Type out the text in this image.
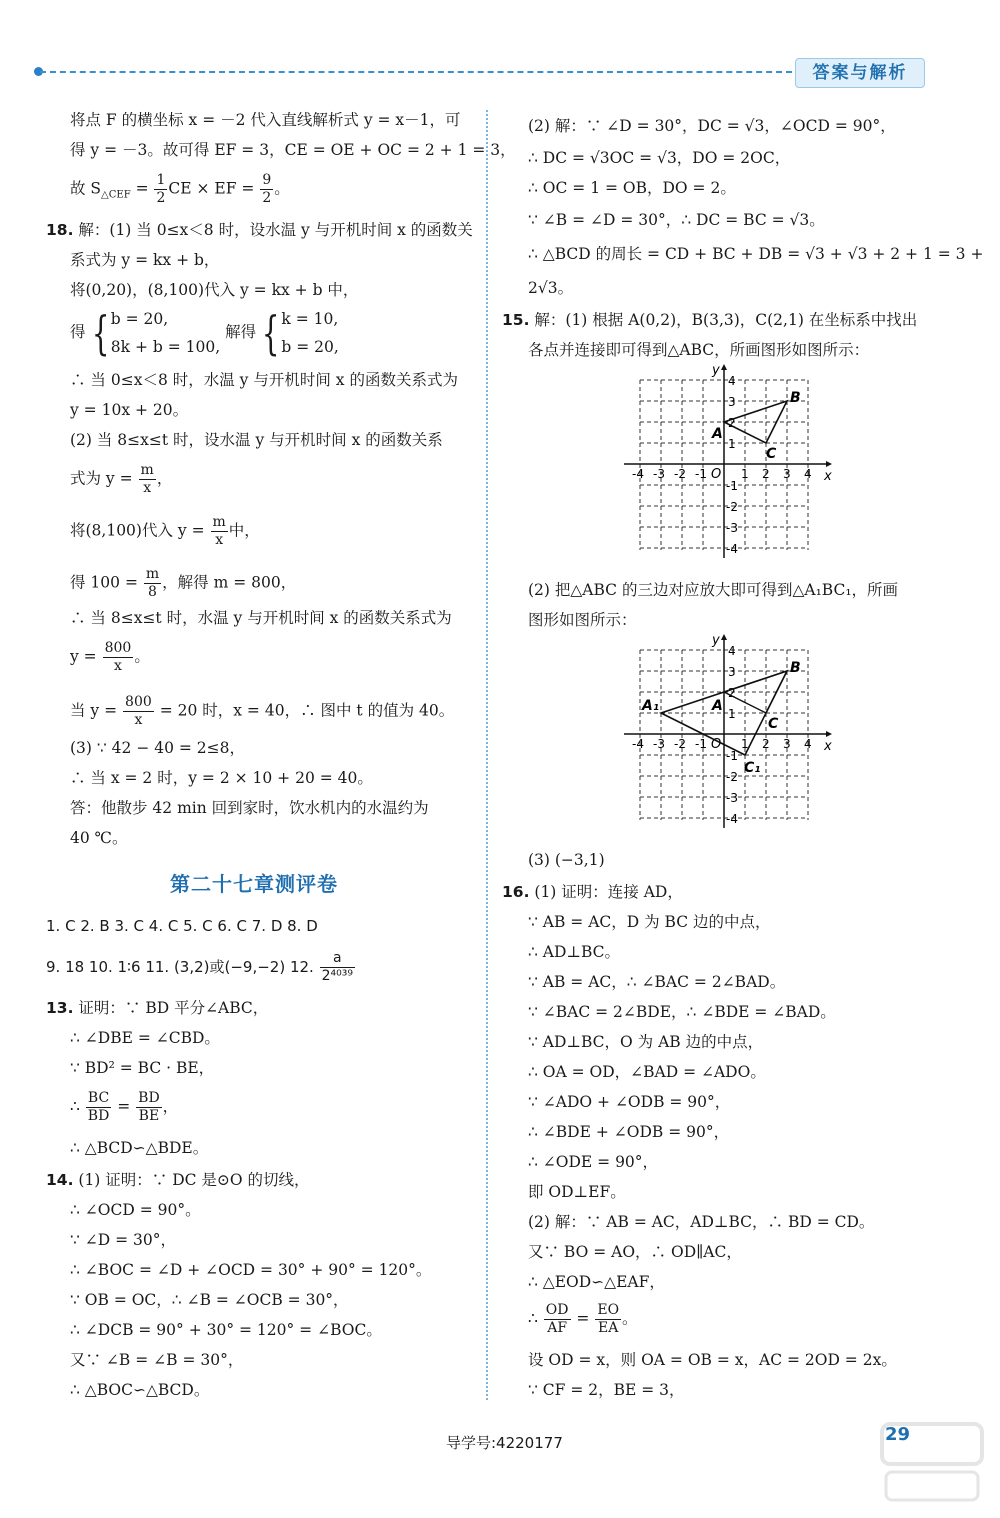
答案与解析
将点 F 的横坐标 x = －2 代入直线解析式 y = x－1，可
得 y = －3。故可得 EF = 3，CE = OE + OC = 2 + 1 = 3，
故 $S_{\triangle CEF} = \frac{1}{2}$ CE × EF = $\frac{9}{2}$ 。
18. 解：(1) 当 0≤x＜8 时，设水温 y 与开机时间 x 的函数关
系式为 y = kx + b，
将(0,20)，(8,100)代入 y = kx + b 中，
得 { b = 20,
8k + b = 100,
解得 { k = 10,
b = 20,
∴ 当 0≤x＜8 时，水温 y 与开机时间 x 的函数关系式为
y = 10x + 20。
(2) 当 8≤x≤t 时，设水温 y 与开机时间 x 的函数关系
式为 $y = \frac{m}{x}$ ，
将(8,100)代入 $y = \frac{m}{x}$ 中，
得 $100 = \frac{m}{8}$ ，解得 m = 800，
∴ 当 8≤x≤t 时，水温 y 与开机时间 x 的函数关系式为
$y = \frac{800}{x}$ 。
当 $y = \frac{800}{x} = 20$ 时，x = 40，∴ 图中 t 的值为 40。
(3) ∵ 42 − 40 = 2≤8，
∴ 当 x = 2 时，y = 2 × 10 + 20 = 40。
答：他散步 42 min 回到家时，饮水机内的水温约为
40 ℃。
第二十七章测评卷
1. C 2. B 3. C 4. C 5. C 6. C 7. D 8. D
9. 18 10. 1∶6 11. (3,2)或(−9,−2) 12. $\frac{a}{\text{2⁴⁰³⁹}}$
13. 证明：∵ BD 平分∠ABC，
∴ ∠DBE = ∠CBD。
∵ BD² = BC · BE，
∴ $\frac{BC}{BD} = \frac{BD}{BE}$ ，
∴ △BCD∽△BDE。
14. (1) 证明：∵ DC 是⊙O 的切线，
∴ ∠OCD = 90°。
∵ ∠D = 30°，
∴ ∠BOC = ∠D + ∠OCD = 30° + 90° = 120°。
∵ OB = OC，∴ ∠B = ∠OCB = 30°，
∴ ∠DCB = 90° + 30° = 120° = ∠BOC。
又∵ ∠B = ∠B = 30°，
∴ △BOC∽△BCD。
(2) 解：∵ ∠D = 30°，DC = √3，∠OCD = 90°，
∴ DC = √3OC = √3，DO = 2OC，
∴ OC = 1 = OB，DO = 2。
∵ ∠B = ∠D = 30°，∴ DC = BC = √3。
∴ △BCD 的周长 = CD + BC + DB = √3 + √3 + 2 + 1 = 3 +
2√3。
15. 解：(1) 根据 A(0,2)，B(3,3)，C(2,1) 在坐标系中找出
各点并连接即可得到△ABC，所画图形如图所示：
x
y
O
-4 -3 -2 -1	1 2 3 4
4
3
2
1
-1
-2
-3
-4
A
B
C
(2) 把△ABC 的三边对应放大即可得到△A₁BC₁，所画
图形如图所示：
x
y
O
-4 -3 -2 -1	1 2 3 4
4
3
2
1
-1
-2
-3
-4
A₁	A
B
C
C₁
(3) (−3,1)
16. (1) 证明：连接 AD，
∵ AB = AC，D 为 BC 边的中点，
∴ AD⊥BC。
∵ AB = AC，∴ ∠BAC = 2∠BAD。
∵ ∠BAC = 2∠BDE，∴ ∠BDE = ∠BAD。
∵ AD⊥BC，O 为 AB 边的中点，
∴ OA = OD，∠BAD = ∠ADO。
∵ ∠ADO + ∠ODB = 90°，
∴ ∠BDE + ∠ODB = 90°，
∴ ∠ODE = 90°，
即 OD⊥EF。
(2) 解：∵ AB = AC，AD⊥BC，∴ BD = CD。
又∵ BO = AO，∴ OD∥AC，
∴ △EOD∽△EAF，
∴ $\frac{OD}{AF} = \frac{EO}{EA}$ 。
设 OD = x，则 OA = OB = x，AC = 2OD = 2x。
∵ CF = 2，BE = 3，
导学号:4220177	29
